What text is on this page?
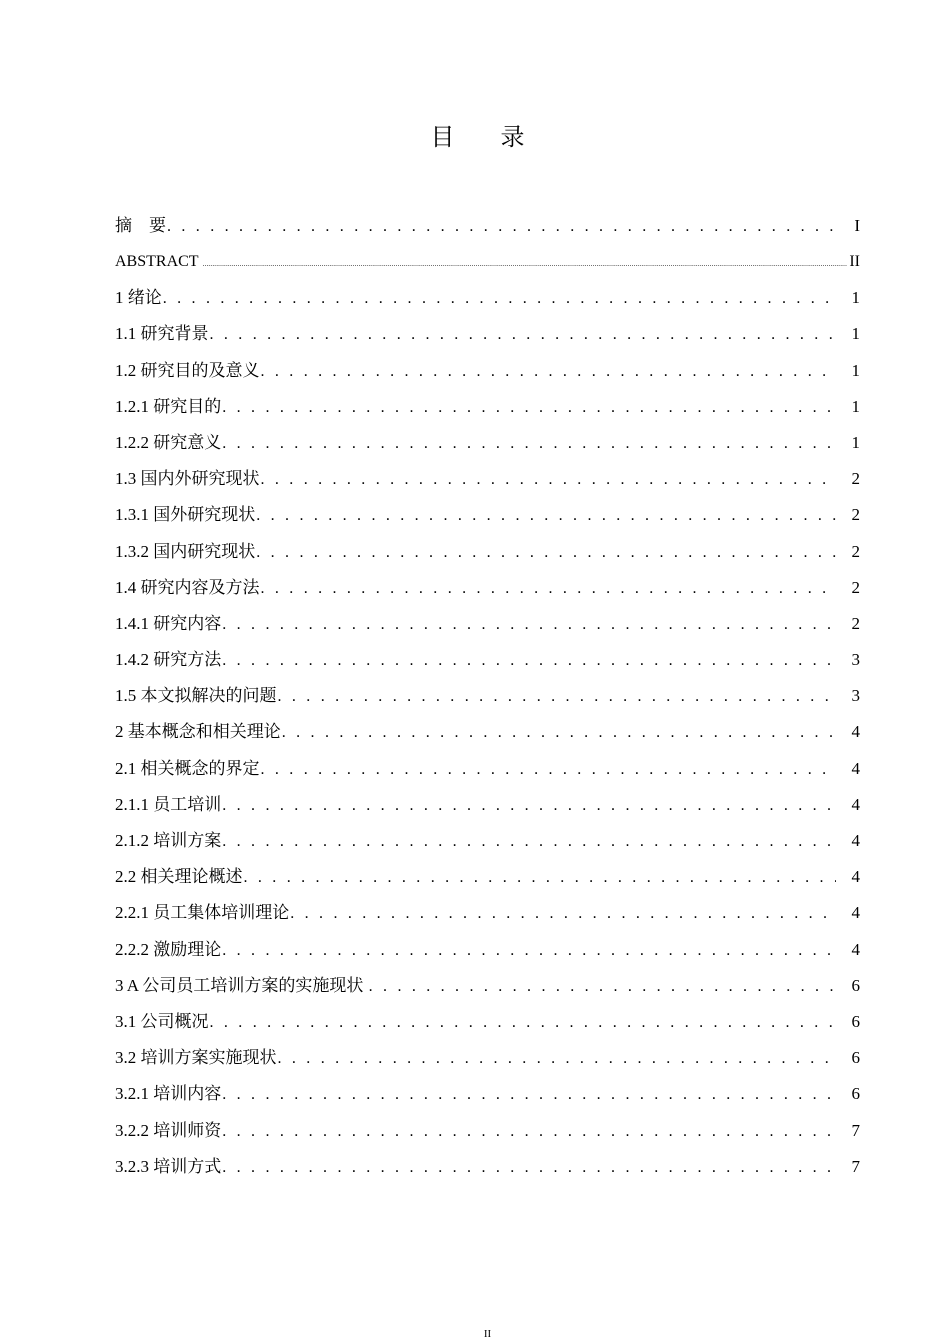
目 录
摘　要 . . .	I
ABSTRACT .....	II
1 绪论 . . .	1
1.1 研究背景 . . .	1
1.2 研究目的及意义 . . .	1
1.2.1 研究目的 . . .	1
1.2.2 研究意义 . . .	1
1.3 国内外研究现状 . . .	2
1.3.1 国外研究现状 . . .	2
1.3.2 国内研究现状 . . .	2
1.4 研究内容及方法 . . .	2
1.4.1 研究内容 . . .	2
1.4.2 研究方法 . . .	3
1.5 本文拟解决的问题 . . .	3
2 基本概念和相关理论 . . .	4
2.1 相关概念的界定 . . .	4
2.1.1 员工培训 . . .	4
2.1.2 培训方案 . . .	4
2.2 相关理论概述 . . .	4
2.2.1 员工集体培训理论 . . .	4
2.2.2 激励理论 . . .	4
3 A 公司员工培训方案的实施现状 . . .	6
3.1 公司概况 . . .	6
3.2 培训方案实施现状 . . .	6
3.2.1 培训内容 . . .	6
3.2.2 培训师资 . . .	7
3.2.3 培训方式 . . .	7
II
